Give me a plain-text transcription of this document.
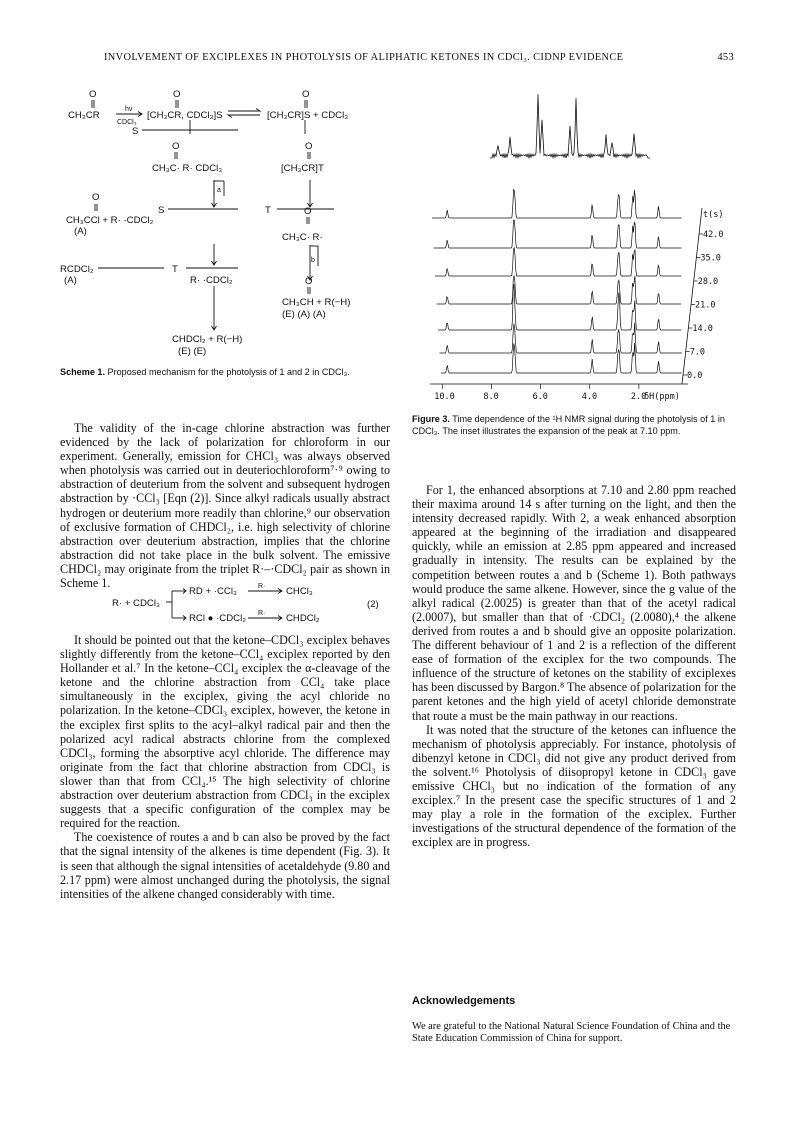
INVOLVEMENT OF EXCIPLEXES IN PHOTOLYSIS OF ALIPHATIC KETONES IN CDCl₃. CIDNP EVIDENCE	453
O	O	O
CH₃CR
hν
CDCl₃
[CH₃CR, CDCl₃]S	[CH₃CR]S + CDCl₃
S
O	O
CH₃C· R· CDCl₃	[CH₃CR]T
a
O
S	T
CH₃CCl + R· ·CDCl₂
(A)
O
CH₃C· R·
b
RCDCl₂
(A)
T
R· ·CDCl₂	O
CH₃CH + R(−H)
(E) (A) (A)
CHDCl₂ + R(−H)
(E) (E)
Scheme 1. Proposed mechanism for the photolysis of 1 and 2 in CDCl₃.

The validity of the in-cage chlorine abstraction was further evidenced by the lack of polarization for chloroform in our experiment. Generally, emission for CHCl₃ was always observed when photolysis was carried out in deuteriochloroform⁷·⁹ owing to abstraction of deuterium from the solvent and subsequent hydrogen abstraction by ·CCl₃ [Eqn (2)]. Since alkyl radicals usually abstract hydrogen or deuterium more readily than chlorine,⁹ our observation of exclusive formation of CHDCl₂, i.e. high selectivity of chlorine abstraction over deuterium abstraction, implies that the chlorine abstraction did not take place in the bulk solvent. The emissive CHDCl₂ may originate from the triplet R·–·CDCl₂ pair as shown in Scheme 1.

R· + CDCl₃
RD + ·CCl₃	R· CHCl₃
RCl ● ·CDCl₂ R· CHDCl₂
(2)

It should be pointed out that the ketone–CDCl₃ exciplex behaves slightly differently from the ketone–CCl₄ exciplex reported by den Hollander et al.⁷ In the ketone–CCl₄ exciplex the α-cleavage of the ketone and the chlorine abstraction from CCl₄ take place simultaneously in the exciplex, giving the acyl chloride no polarization. In the ketone–CDCl₃ exciplex, however, the ketone in the exciplex first splits to the acyl–alkyl radical pair and then the polarized acyl radical abstracts chlorine from the complexed CDCl₃, forming the absorptive acyl chloride. The difference may originate from the fact that chlorine abstraction from CDCl₃ is slower than that from CCl₄.¹⁵ The high selectivity of chlorine abstraction over deuterium abstraction from CDCl₃ in the exciplex suggests that a specific configuration of the complex may be required for the reaction.

The coexistence of routes a and b can also be proved by the fact that the signal intensity of the alkenes is time dependent (Fig. 3). It is seen that although the signal intensities of acetaldehyde (9.80 and 2.17 ppm) were almost unchanged during the photolysis, the signal intensities of the alkene changed considerably with time.

t(s)
42.0
35.0
28.0
21.0
14.0
7.0
0.0
10.0	8.0	6.0	4.0	2.0
δH(ppm)
Figure 3. Time dependence of the ¹H NMR signal during the photolysis of 1 in CDCl₃. The inset illustrates the expansion of the peak at 7.10 ppm.

For 1, the enhanced absorptions at 7.10 and 2.80 ppm reached their maxima around 14 s after turning on the light, and then the intensity decreased rapidly. With 2, a weak enhanced absorption appeared at the beginning of the irradiation and disappeared quickly, while an emission at 2.85 ppm appeared and increased gradually in intensity. The results can be explained by the competition between routes a and b (Scheme 1). Both pathways would produce the same alkene. However, since the g value of the alkyl radical (2.0025) is greater than that of the acetyl radical (2.0007), but smaller than that of ·CDCl₂ (2.0080),⁴ the alkene derived from routes a and b should give an opposite polarization. The different behaviour of 1 and 2 is a reflection of the different ease of formation of the exciplex for the two compounds. The influence of the structure of ketones on the stability of exciplexes has been discussed by Bargon.⁸ The absence of polarization for the parent ketones and the high yield of acetyl chloride demonstrate that route a must be the main pathway in our reactions.

It was noted that the structure of the ketones can influence the mechanism of photolysis appreciably. For instance, photolysis of dibenzyl ketone in CDCl₃ did not give any product derived from the solvent.¹⁶ Photolysis of diisopropyl ketone in CDCl₃ gave emissive CHCl₃ but no indication of the formation of any exciplex.⁷ In the present case the specific structures of 1 and 2 may play a role in the formation of the exciplex. Further investigations of the structural dependence of the formation of the exciplex are in progress.

Acknowledgements
We are grateful to the National Natural Science Foundation of China and the State Education Commission of China for support.
